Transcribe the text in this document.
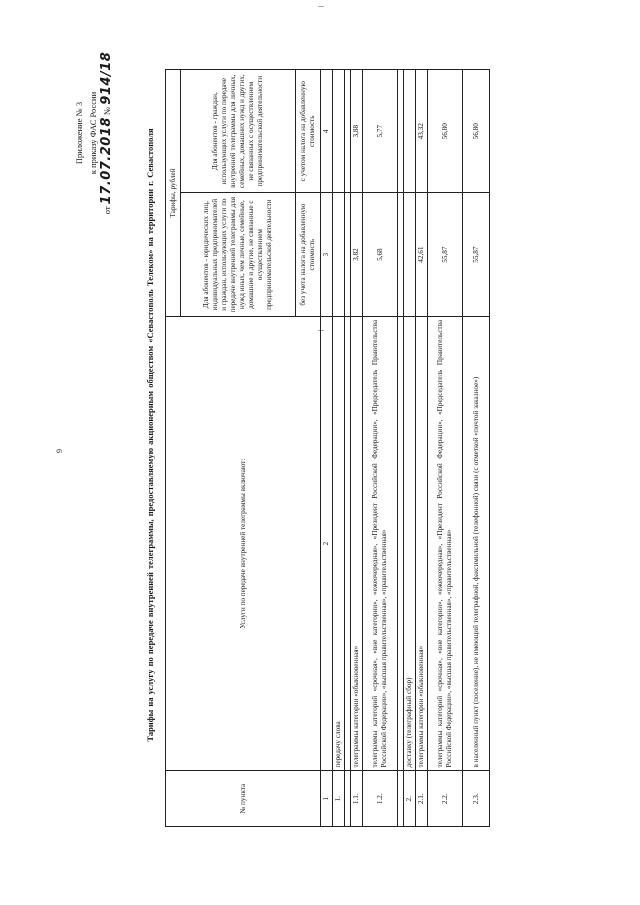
9
Приложение № 3 к приказу ФАС России
от 17.07.2018 № 914/18
Тарифы на услугу по передаче внутренней телеграммы, предоставляемую акционерным обществом «Севастополь Телеком» на территории г. Севастополя
№ пункта	Услуги по передаче внутренней телеграммы включают:	Тарифы, рублей	
		Для абонентов - юридических лиц, индивидуальных предпринимателей и граждан, использующих услуги по передаче внутренней телеграммы для нужд иных, чем личные, семейные, домашние и другие, не связанные с осуществлением предпринимательской деятельности	Для абонентов - граждан, использующих услуги по передаче внутренней телеграммы для личных, семейных, домашних нужд и других, не связанных с осуществлением предпринимательской деятельности
		без учета налога на добавленную стоимость	с учетом налога на добавленную стоимость
1	2	3	4
1.	передачу слова		

1.1.	телеграммы категории «обыкновенная»	3,82	3,88
1.2.	телеграммы категорий «срочная», «вне категории», «ежеочередная», «Президент Российской Федерации», «Председатель Правительства Российской Федерации», «высшая правительственная», «правительственная»	5,68	5,77

2.	доставку (телеграфный сбор)		
2.1.	телеграммы категории «обыкновенная»	42,61	43,32
2.2.	телеграммы категорий «срочная», «вне категории», «ежеочередная», «Президент Российской Федерации», «Председатель Правительства Российской Федерации», «высшая правительственная», «правительственная»	55,87	56,80
2.3.	в населенный пункт (поселение), не имеющий телеграфной, факсимильной (телефонной) связи (с отметкой «почтой заказное»)	55,87	56,80
